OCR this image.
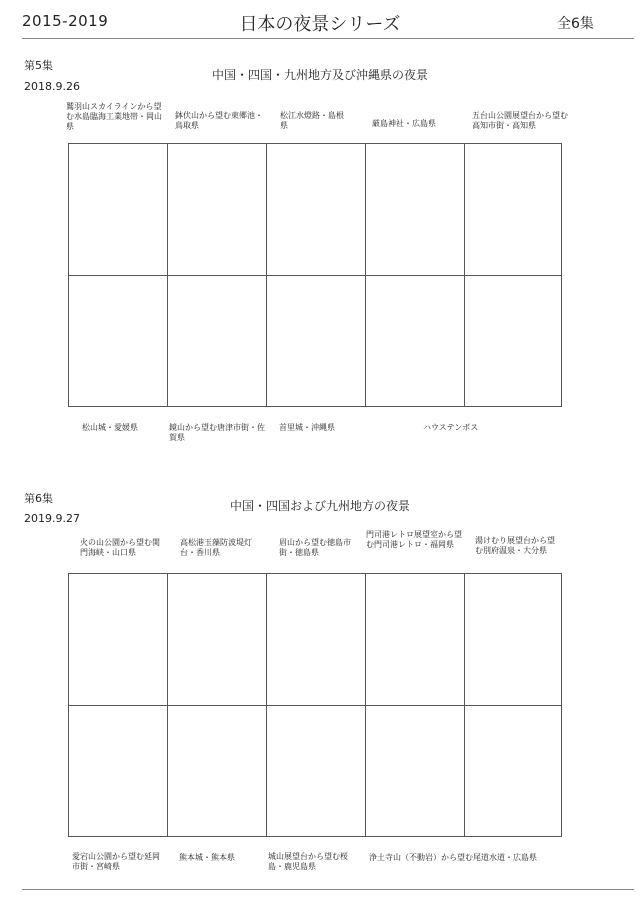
2015-2019	日本の夜景シリーズ	全6集
第5集
2018.9.26
中国・四国・九州地方及び沖縄県の夜景
鷲羽山スカイラインから望む水島臨海工業地帯・岡山県
鉢伏山から望む東郷池・鳥取県
松江水燈路・島根県	厳島神社・広島県
五台山公園展望台から望む高知市街・高知県
松山城・愛媛県	鏡山から望む唐津市街・佐賀県
首里城・沖縄県	ハウステンボス
第6集
2019.9.27
中国・四国および九州地方の夜景
火の山公園から望む関門海峡・山口県
高松港玉藻防波堤灯台・香川県
眉山から望む徳島市街・徳島県
門司港レトロ展望室から望む門司港レトロ・福岡県	湯けむり展望台から望む別府温泉・大分県
愛宕山公園から望む延岡市街・宮崎県
熊本城・熊本県	城山展望台から望む桜島・鹿児島県
浄土寺山（不動岩）から望む尾道水道・広島県
